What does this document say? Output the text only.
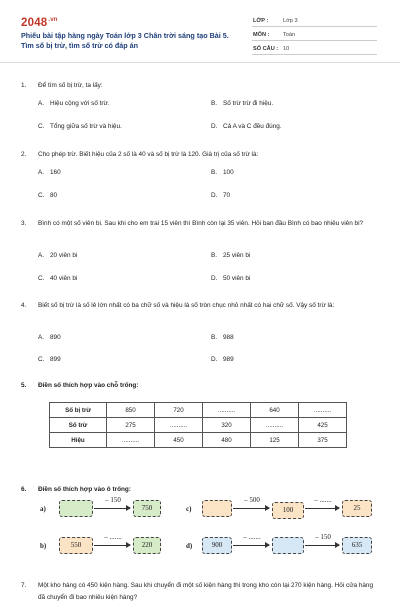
$2048^{.vn}$
Phiếu bài tập hàng ngày Toán lớp 3 Chân trời sáng tạo Bài 5. Tìm số bị trừ, tìm số trừ có đáp án
LỚP :	Lớp 3
MÔN : Toán
SỐ CÂU : 10
1. Để tìm số bị trừ, ta lấy:
A. Hiệu cộng với số trừ.	B. Số trừ trừ đi hiệu.
C. Tổng giữa số trừ và hiệu.	D. Cả A và C đều đúng.
2. Cho phép trừ. Biết hiệu của 2 số là 40 và số bị trừ là 120. Giá trị của số trừ là:
A. 160	B. 100
C. 80	D. 70
3. Bình có một số viên bi. Sau khi cho em trai 15 viên thì Bình còn lại 35 viên. Hỏi ban đầu Bình có bao nhiêu viên bi?
A. 20 viên bi	B. 25 viên bi
C. 40 viên bi	D. 50 viên bi
4. Biết số bị trừ là số lẻ lớn nhất có ba chữ số và hiệu là số tròn chục nhỏ nhất có hai chữ số. Vậy số trừ là:
A. 890	B. 988
C. 899	D. 989
5. Điền số thích hợp vào chỗ trống:
Số bị trừ	850	720	..........	640	..........
Số trừ	275	..........	320	..........	425
Hiệu	..........	450	480	125	375
6. Điền số thích hợp vào ô trống:
a)
– 150
750	c)
– 500
100
– .......
25
b)	550
– .......
220	d)	900
– .......	– 150
635
7. Một kho hàng có 450 kiện hàng. Sau khi chuyển đi một số kiện hàng thì trong kho còn lại 270 kiện hàng. Hỏi cửa hàng đã chuyển đi bao nhiêu kiện hàng?
